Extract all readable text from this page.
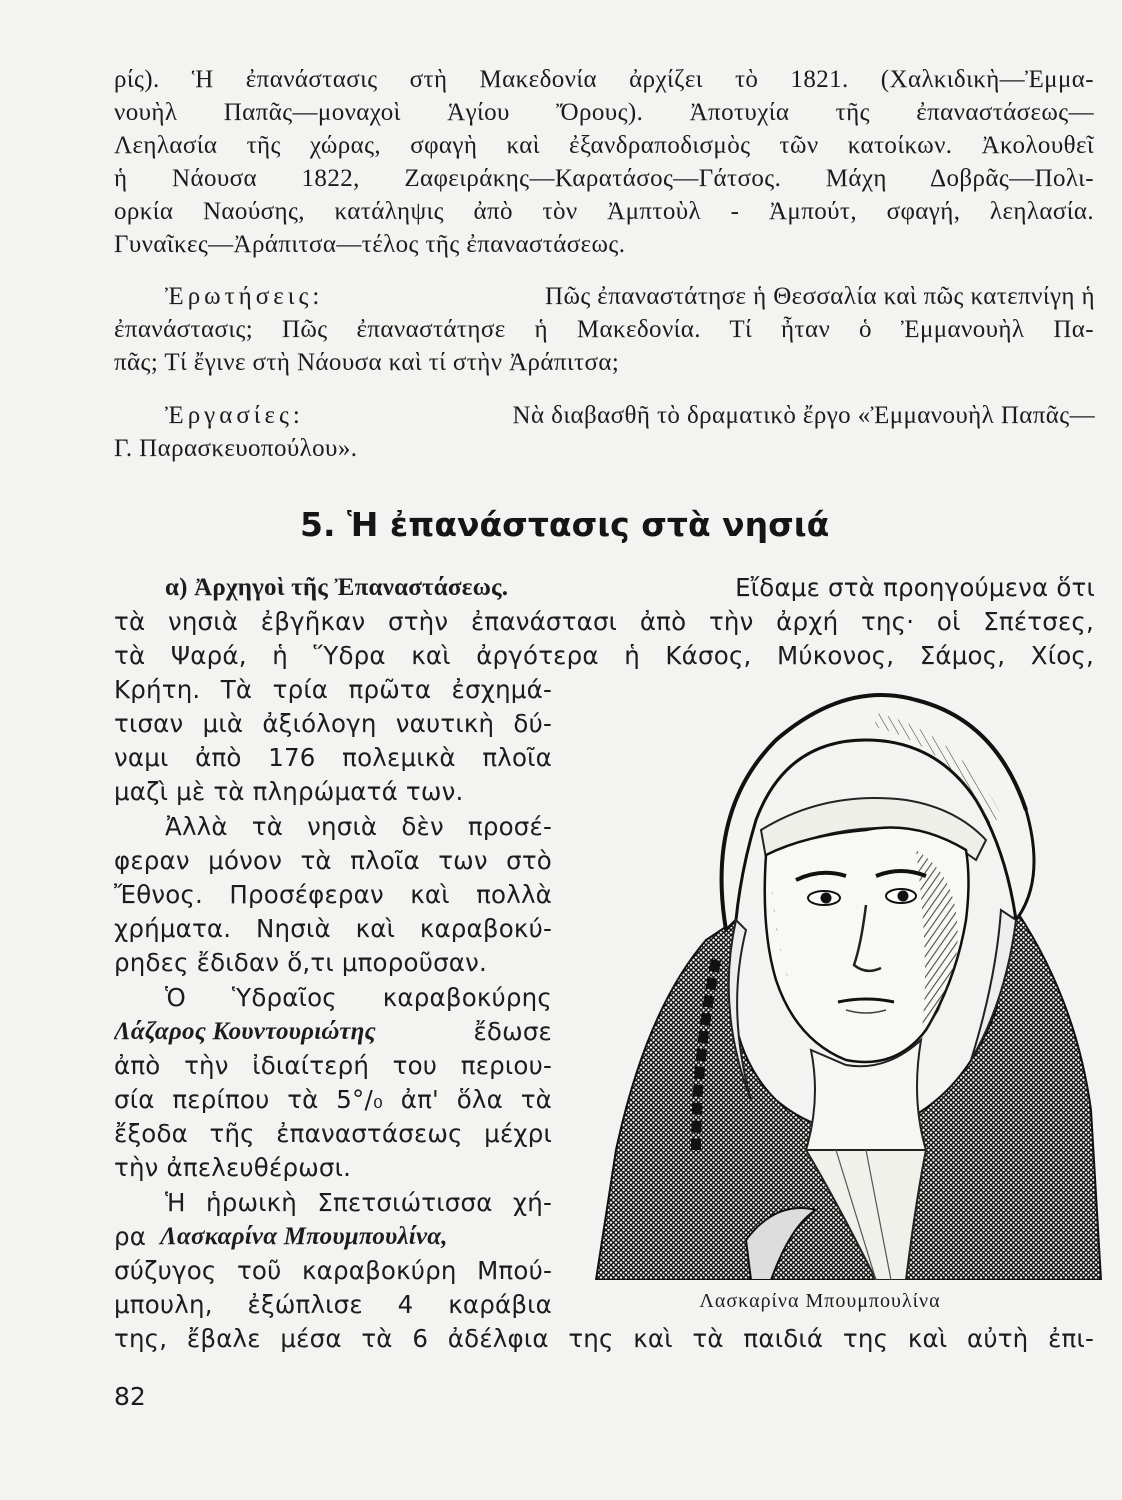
ρίς). Ἡ ἐπανάστασις στὴ Μακεδονία ἀρχίζει τὸ 1821. (Χαλκιδικὴ—Ἐμμα-
νουὴλ Παπᾶς—μοναχοὶ Ἁγίου Ὄρους). Ἀποτυχία τῆς ἐπαναστάσεως—
Λεηλασία τῆς χώρας, σφαγὴ καὶ ἐξανδραποδισμὸς τῶν κατοίκων. Ἀκολουθεῖ
ἡ Νάουσα 1822, Ζαφειράκης—Καρατάσος—Γάτσος. Μάχη Δοβρᾶς—Πολι-
ορκία Ναούσης, κατάληψις ἀπὸ τὸν Ἀμπτοὺλ - Ἀμπούτ, σφαγή, λεηλασία.
Γυναῖκες—Ἀράπιτσα—τέλος τῆς ἐπαναστάσεως.
Ἐρωτήσεις:	Πῶς ἐπαναστάτησε ἡ Θεσσαλία καὶ πῶς κατεπνίγη ἡ
ἐπανάστασις; Πῶς ἐπαναστάτησε ἡ Μακεδονία. Τί ἦταν ὁ Ἐμμανουὴλ Πα-
πᾶς; Τί ἔγινε στὴ Νάουσα καὶ τί στὴν Ἀράπιτσα;
Ἐργασίες:	Νὰ διαβασθῆ τὸ δραματικὸ ἔργο «Ἐμμανουὴλ Παπᾶς—
Γ. Παρασκευοπούλου».
5. Ἡ ἐπανάστασις στὰ νησιά
α) Ἀρχηγοὶ τῆς Ἐπαναστάσεως.	Εἴδαμε στὰ προηγούμενα ὅτι
τὰ νησιὰ ἐβγῆκαν στὴν ἐπανάστασι ἀπὸ τὴν ἀρχή της· οἱ Σπέτσες,
τὰ Ψαρά, ἡ Ὕδρα καὶ ἀργότερα ἡ Κάσος, Μύκονος, Σάμος, Χίος,
Κρήτη. Τὰ τρία πρῶτα ἐσχημά-
τισαν μιὰ ἀξιόλογη ναυτικὴ δύ-
ναμι ἀπὸ 176 πολεμικὰ πλοῖα
μαζὶ μὲ τὰ πληρώματά των.
Ἀλλὰ τὰ νησιὰ δὲν προσέ-
φεραν μόνον τὰ πλοῖα των στὸ
Ἔθνος. Προσέφεραν καὶ πολλὰ
χρήματα. Νησιὰ καὶ καραβοκύ-
ρηδες ἔδιδαν ὅ,τι μποροῦσαν.
Ὁ Ὑδραῖος καραβοκύρης
Λάζαρος Κουντουριώτης	ἔδωσε
ἀπὸ τὴν ἰδιαίτερή του περιου-
σία περίπου τὰ 5°/₀ ἀπ' ὅλα τὰ
ἔξοδα τῆς ἐπαναστάσεως μέχρι
τὴν ἀπελευθέρωσι.
Ἡ ἡρωικὴ Σπετσιώτισσα χή-
ρα Λασκαρίνα Μπουμπουλίνα,
σύζυγος τοῦ καραβοκύρη Μπού-
μπουλη, ἐξώπλισε 4 καράβια
της, ἔβαλε μέσα τὰ 6 ἀδέλφια της καὶ τὰ παιδιά της καὶ αὐτὴ ἐπι-
Λασκαρίνα Μπουμπουλίνα
82
